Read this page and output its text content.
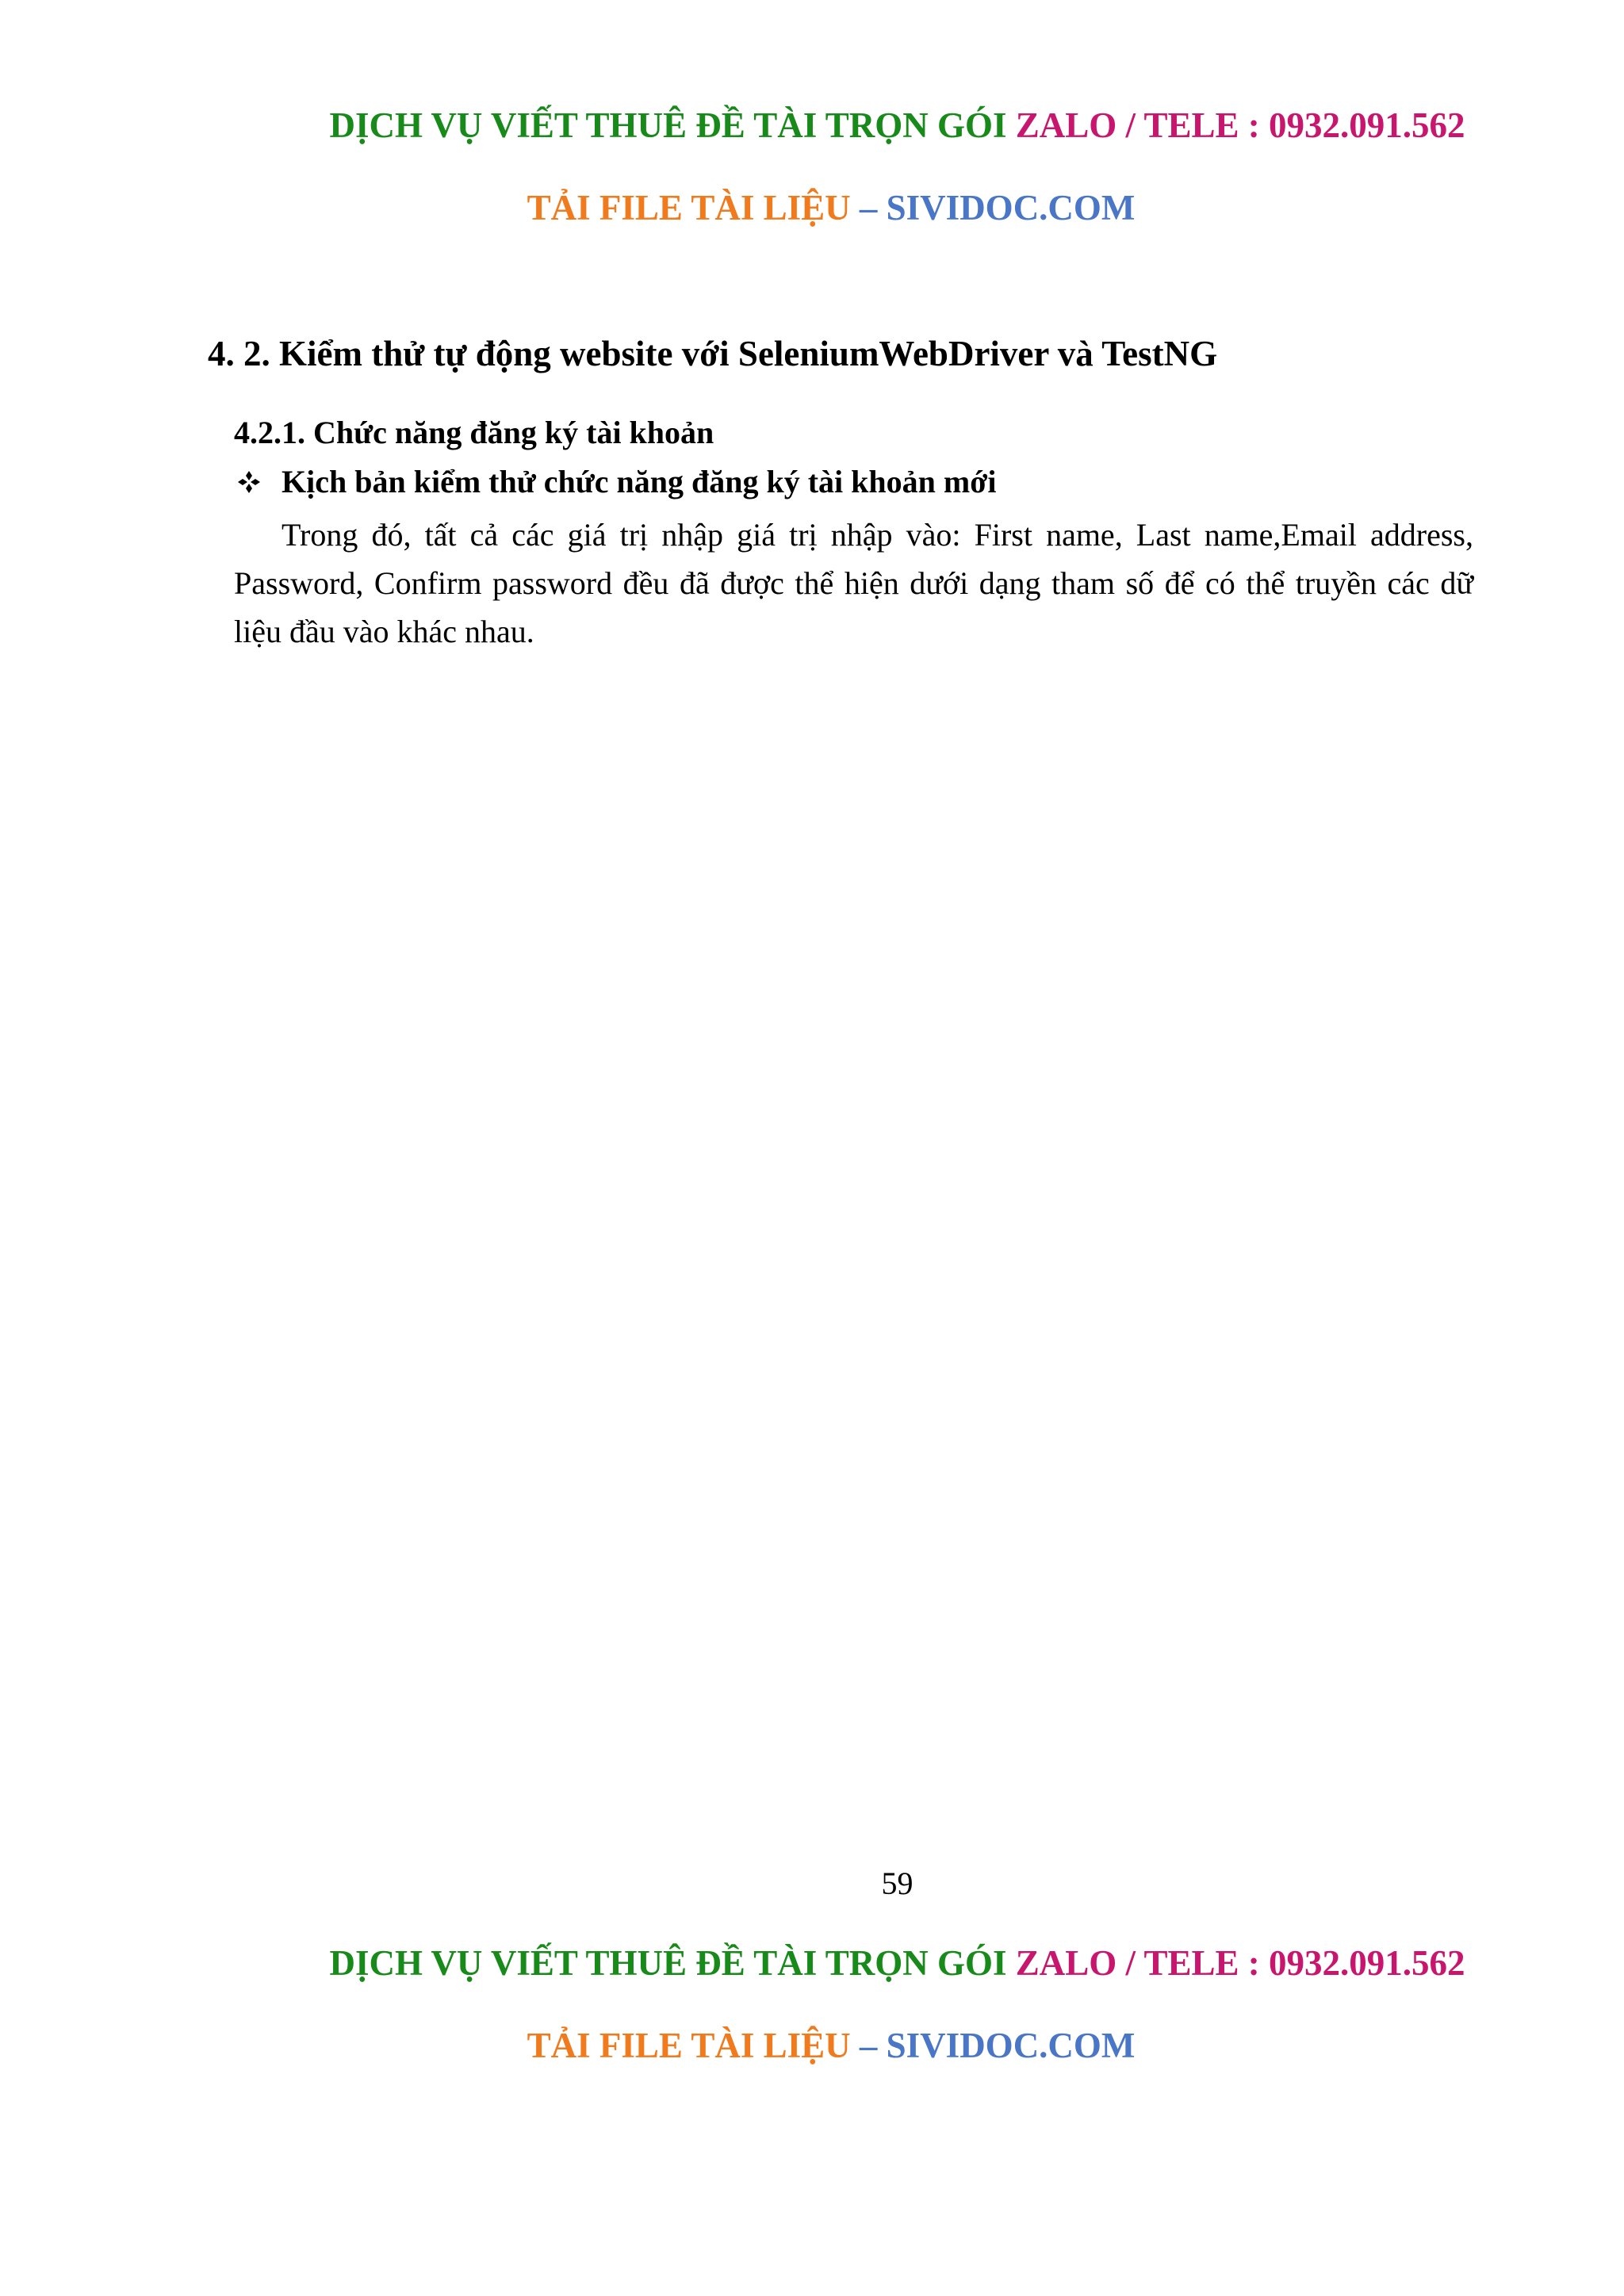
DỊCH VỤ VIẾT THUÊ ĐỀ TÀI TRỌN GÓI ZALO / TELE : 0932.091.562
TẢI FILE TÀI LIỆU – SIVIDOC.COM
4. 2. Kiểm thử tự động website với SeleniumWebDriver và TestNG
4.2.1. Chức năng đăng ký tài khoản
Kịch bản kiểm thử chức năng đăng ký tài khoản mới
Trong đó, tất cả các giá trị nhập giá trị nhập vào: First name, Last name,Email address, Password, Confirm password đều đã được thể hiện dưới dạng tham số để có thể truyền các dữ liệu đầu vào khác nhau.
59
DỊCH VỤ VIẾT THUÊ ĐỀ TÀI TRỌN GÓI ZALO / TELE : 0932.091.562
TẢI FILE TÀI LIỆU – SIVIDOC.COM
